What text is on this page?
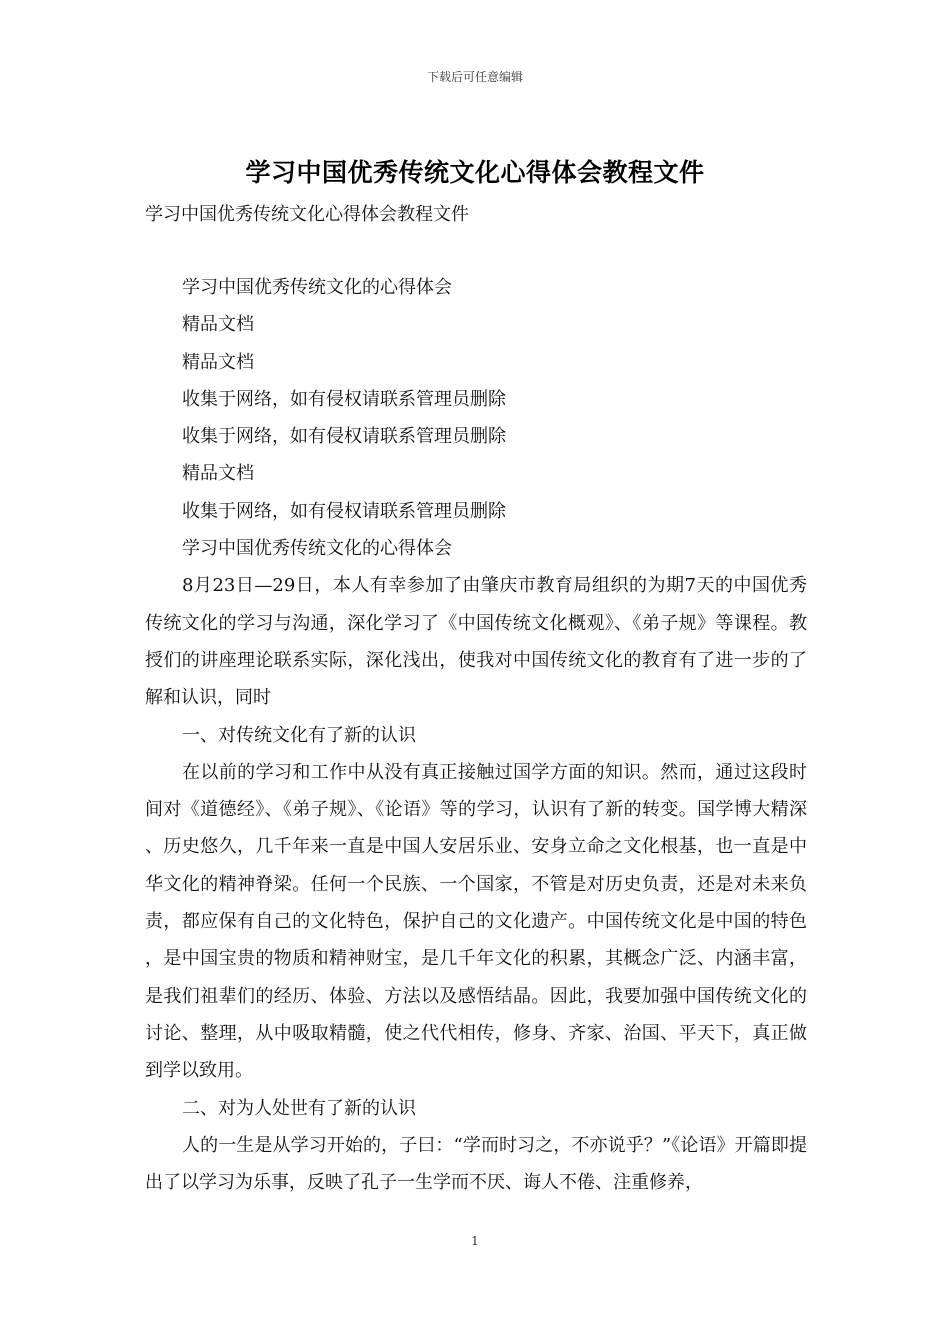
下载后可任意编辑
学习中国优秀传统文化心得体会教程文件
学习中国优秀传统文化心得体会教程文件

学习中国优秀传统文化的心得体会

精品文档

精品文档

收集于网络，如有侵权请联系管理员删除

收集于网络，如有侵权请联系管理员删除

精品文档

收集于网络，如有侵权请联系管理员删除

学习中国优秀传统文化的心得体会

8月23日—29日，本人有幸参加了由肇庆市教育局组织的为期7天的中国优秀传统文化的学习与沟通，深化学习了《中国传统文化概观》、《弟子规》等课程。教授们的讲座理论联系实际，深化浅出，使我对中国传统文化的教育有了进一步的了解和认识，同时

一、对传统文化有了新的认识

在以前的学习和工作中从没有真正接触过国学方面的知识。然而，通过这段时间对《道德经》、《弟子规》、《论语》等的学习，认识有了新的转变。国学博大精深、历史悠久，几千年来一直是中国人安居乐业、安身立命之文化根基，也一直是中华文化的精神脊梁。任何一个民族、一个国家，不管是对历史负责，还是对未来负责，都应保有自己的文化特色，保护自己的文化遗产。中国传统文化是中国的特色，是中国宝贵的物质和精神财宝，是几千年文化的积累，其概念广泛、内涵丰富，是我们祖辈们的经历、体验、方法以及感悟结晶。因此，我要加强中国传统文化的讨论、整理，从中吸取精髓，使之代代相传，修身、齐家、治国、平天下，真正做到学以致用。

二、对为人处世有了新的认识

人的一生是从学习开始的，子曰：“学而时习之，不亦说乎？”《论语》开篇即提出了以学习为乐事，反映了孔子一生学而不厌、诲人不倦、注重修养，

1
